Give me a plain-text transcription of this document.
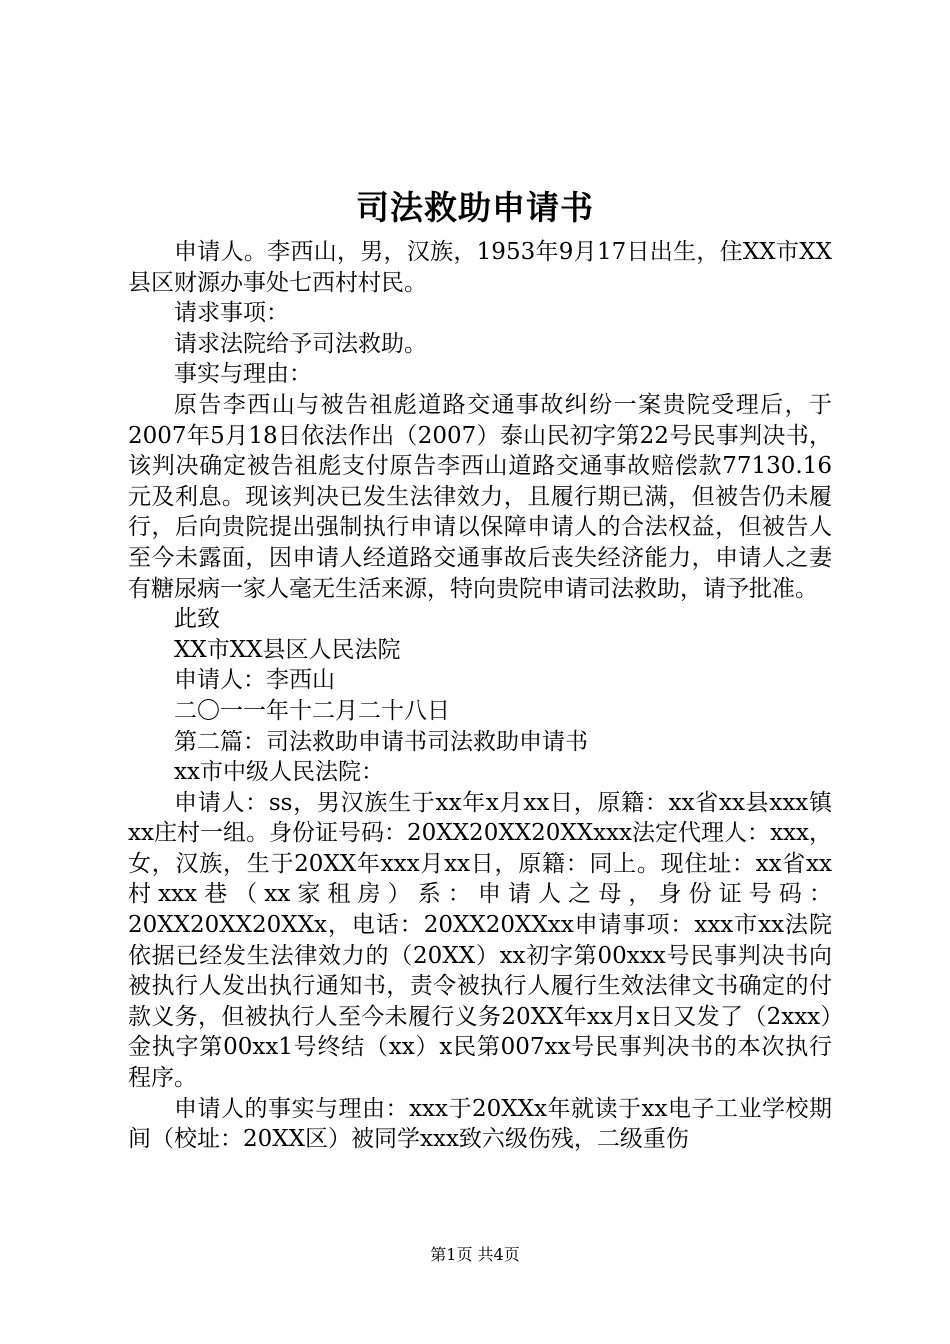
司法救助申请书

申请人。李西山，男，汉族，1953年9月17日出生，住XX市XX县区财源办事处七西村村民。

请求事项：

请求法院给予司法救助。

事实与理由：

原告李西山与被告祖彪道路交通事故纠纷一案贵院受理后，于2007年5月18日依法作出（2007）泰山民初字第22号民事判决书，该判决确定被告祖彪支付原告李西山道路交通事故赔偿款77130.16元及利息。现该判决已发生法律效力，且履行期已满，但被告仍未履行，后向贵院提出强制执行申请以保障申请人的合法权益，但被告人至今未露面，因申请人经道路交通事故后丧失经济能力，申请人之妻有糖尿病一家人毫无生活来源，特向贵院申请司法救助，请予批准。

此致

XX市XX县区人民法院

申请人：李西山

二〇一一年十二月二十八日

第二篇：司法救助申请书司法救助申请书

xx市中级人民法院：

申请人：ss，男汉族生于xx年x月xx日，原籍：xx省xx县xxx镇xx庄村一组。身份证号码：20XX20XX20XXxxx法定代理人：xxx，女，汉族，生于20XX年xxx月xx日，原籍：同上。现住址：xx省xx村xxx巷（xx家租房）系：申请人之母，身份证号码：20XX20XX20XXx，电话：20XX20XXxx申请事项：xxx市xx法院依据已经发生法律效力的（20XX）xx初字第00xxx号民事判决书向被执行人发出执行通知书，责令被执行人履行生效法律文书确定的付款义务，但被执行人至今未履行义务20XX年xx月x日又发了（2xxx）金执字第00xx1号终结（xx）x民第007xx号民事判决书的本次执行程序。

申请人的事实与理由：xxx于20XXx年就读于xx电子工业学校期间（校址：20XX区）被同学xxx致六级伤残，二级重伤

第1页 共4页
